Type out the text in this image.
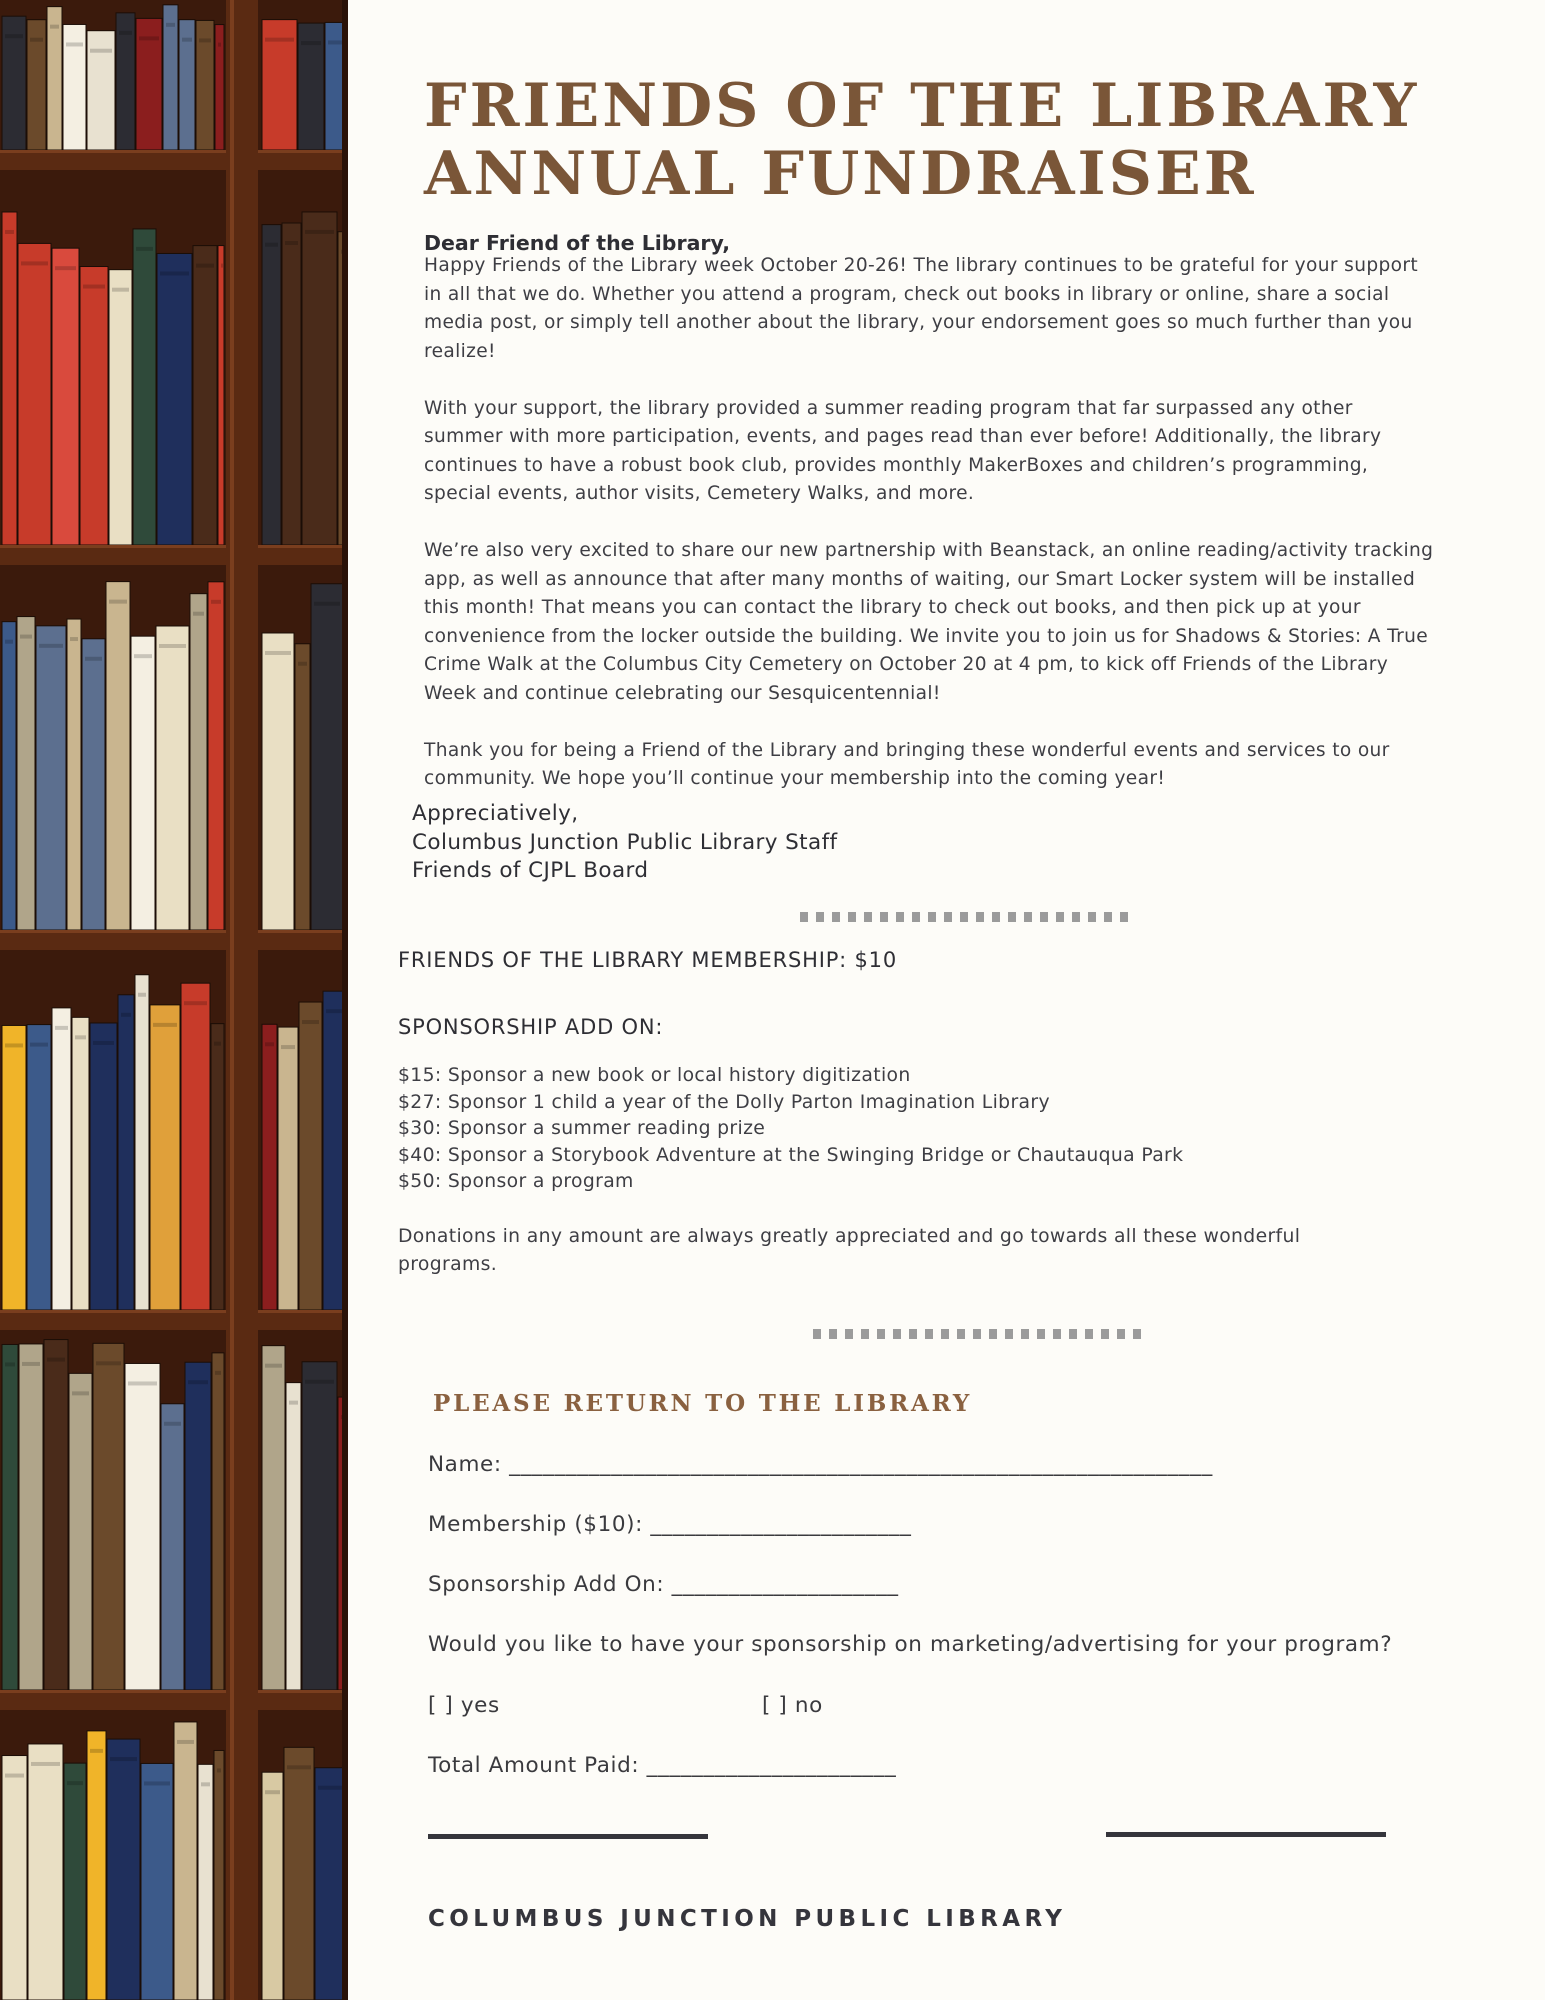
FRIENDS OF THE LIBRARY
ANNUAL FUNDRAISER
Dear Friend of the Library,

Happy Friends of the Library week October 20-26! The library continues to be grateful for your support in all that we do. Whether you attend a program, check out books in library or online, share a social media post, or simply tell another about the library, your endorsement goes so much further than you realize!

With your support, the library provided a summer reading program that far surpassed any other summer with more participation, events, and pages read than ever before! Additionally, the library continues to have a robust book club, provides monthly MakerBoxes and children’s programming, special events, author visits, Cemetery Walks, and more.

We’re also very excited to share our new partnership with Beanstack, an online reading/activity tracking app, as well as announce that after many months of waiting, our Smart Locker system will be installed this month! That means you can contact the library to check out books, and then pick up at your convenience from the locker outside the building. We invite you to join us for Shadows & Stories: A True Crime Walk at the Columbus City Cemetery on October 20 at 4 pm, to kick off Friends of the Library Week and continue celebrating our Sesquicentennial!

Thank you for being a Friend of the Library and bringing these wonderful events and services to our community. We hope you’ll continue your membership into the coming year!

Appreciatively,
Columbus Junction Public Library Staff
Friends of CJPL Board
FRIENDS OF THE LIBRARY MEMBERSHIP: $10
SPONSORSHIP ADD ON:
$15: Sponsor a new book or local history digitization
$27: Sponsor 1 child a year of the Dolly Parton Imagination Library
$30: Sponsor a summer reading prize
$40: Sponsor a Storybook Adventure at the Swinging Bridge or Chautauqua Park
$50: Sponsor a program
Donations in any amount are always greatly appreciated and go towards all these wonderful programs.
PLEASE RETURN TO THE LIBRARY
Name: ______________________________________________________________
Membership ($10): _______________________
Sponsorship Add On: ____________________
Would you like to have your sponsorship on marketing/advertising for your program?
[ ] yes	[ ] no
Total Amount Paid: ______________________
COLUMBUS JUNCTION PUBLIC LIBRARY
